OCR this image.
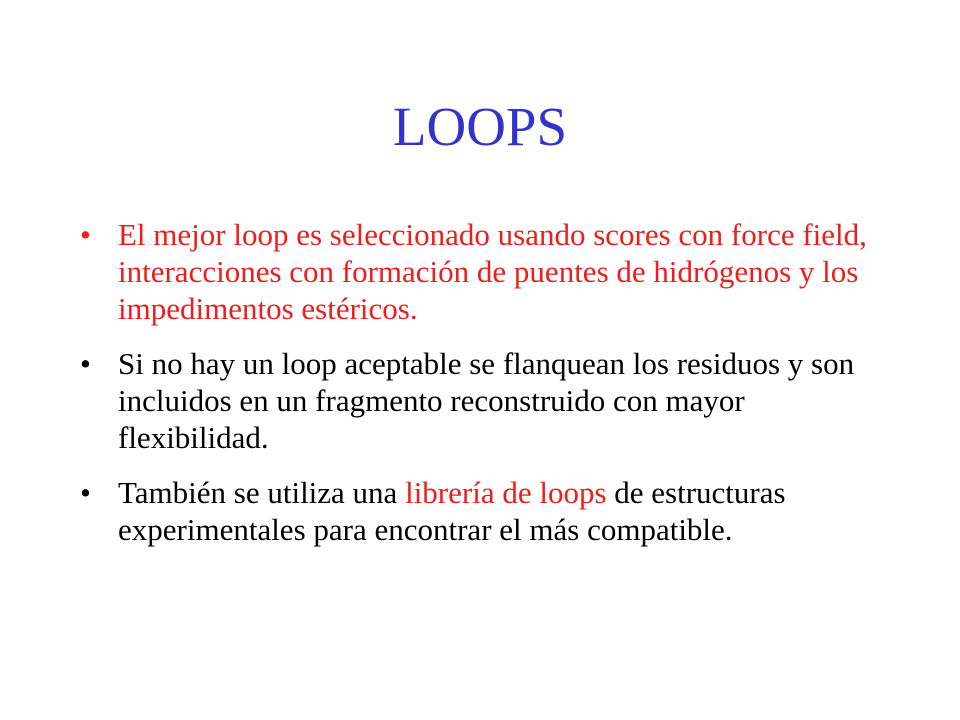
LOOPS
• El mejor loop es seleccionado usando scores con force field, interacciones con formación de puentes de hidrógenos y los impedimentos estéricos.
• Si no hay un loop aceptable se flanquean los residuos y son incluidos en un fragmento reconstruido con mayor flexibilidad.
• También se utiliza una librería de loops de estructuras experimentales para encontrar el más compatible.
